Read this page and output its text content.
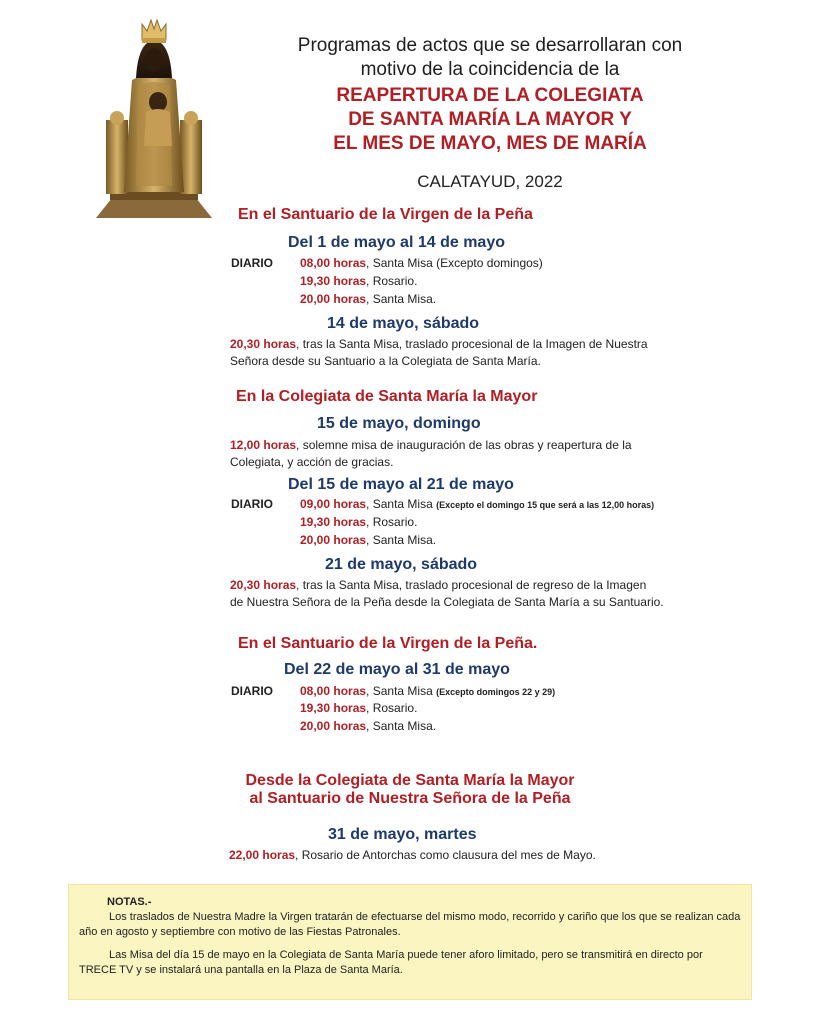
Programas de actos que se desarrollaran con
motivo de la coincidencia de la
REAPERTURA DE LA COLEGIATA
DE SANTA MARÍA LA MAYOR Y
EL MES DE MAYO, MES DE MARÍA
CALATAYUD, 2022
En el Santuario de la Virgen de la Peña
Del 1 de mayo al 14 de mayo
DIARIO 08,00 horas, Santa Misa (Excepto domingos)
19,30 horas, Rosario.
20,00 horas, Santa Misa.
14 de mayo, sábado
20,30 horas, tras la Santa Misa, traslado procesional de la Imagen de Nuestra
Señora desde su Santuario a la Colegiata de Santa María.
En la Colegiata de Santa María la Mayor
15 de mayo, domingo
12,00 horas, solemne misa de inauguración de las obras y reapertura de la
Colegiata, y acción de gracias.
Del 15 de mayo al 21 de mayo
DIARIO 09,00 horas, Santa Misa (Excepto el domingo 15 que será a las 12,00 horas)
19,30 horas, Rosario.
20,00 horas, Santa Misa.
21 de mayo, sábado
20,30 horas, tras la Santa Misa, traslado procesional de regreso de la Imagen
de Nuestra Señora de la Peña desde la Colegiata de Santa María a su Santuario.
En el Santuario de la Virgen de la Peña.
Del 22 de mayo al 31 de mayo
DIARIO 08,00 horas, Santa Misa (Excepto domingos 22 y 29)
19,30 horas, Rosario.
20,00 horas, Santa Misa.
Desde la Colegiata de Santa María la Mayor
al Santuario de Nuestra Señora de la Peña
31 de mayo, martes
22,00 horas, Rosario de Antorchas como clausura del mes de Mayo.

NOTAS.-

Los traslados de Nuestra Madre la Virgen tratarán de efectuarse del mismo modo, recorrido y cariño que los que se realizan cada año en agosto y septiembre con motivo de las Fiestas Patronales.

Las Misa del día 15 de mayo en la Colegiata de Santa María puede tener aforo limitado, pero se transmitirá en directo por TRECE TV y se instalará una pantalla en la Plaza de Santa María.
